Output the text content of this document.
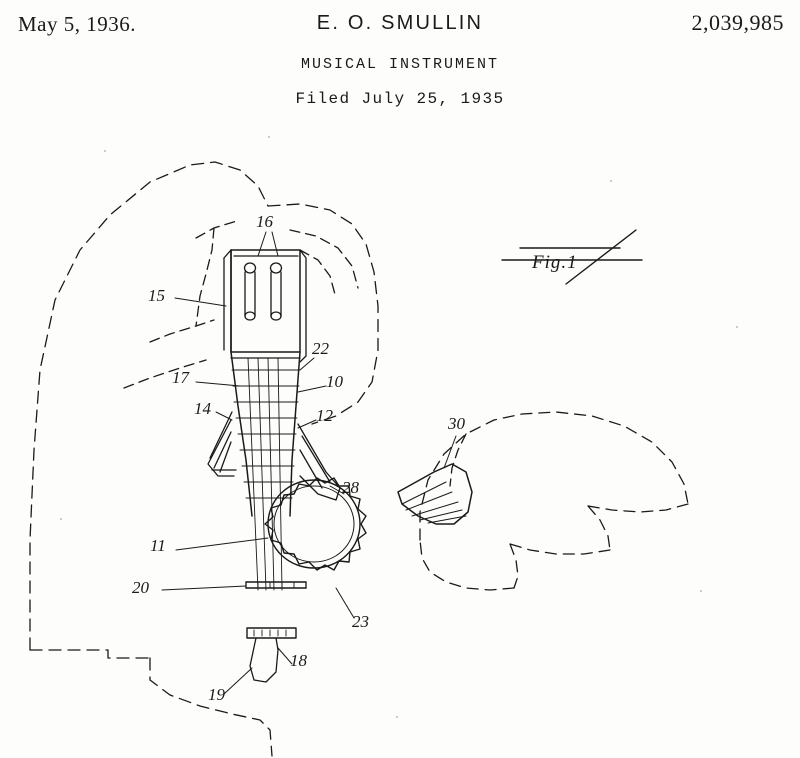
May 5, 1936.	E. O. SMULLIN	2,039,985
MUSICAL INSTRUMENT
Filed July 25, 1935
16
15
22
17	10
14	12	30
28
11
20
23
18
19
Fig.1
